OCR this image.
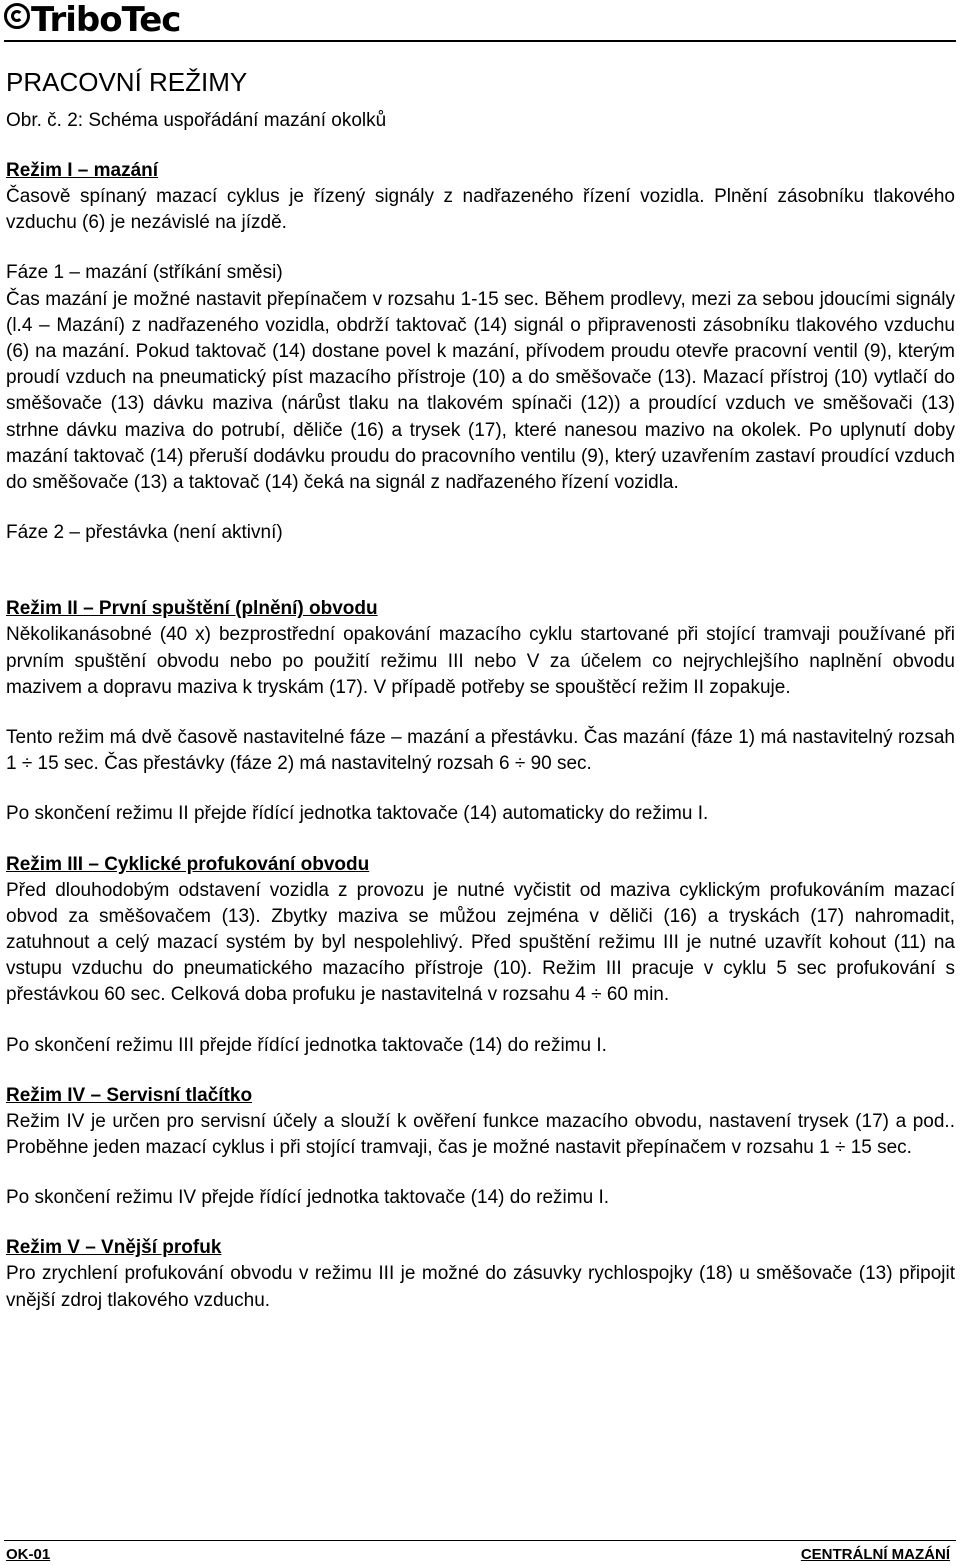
TriboTec
PRACOVNÍ REŽIMY
Obr. č. 2: Schéma uspořádání mazání okolků
Režim I – mazání

Časově spínaný mazací cyklus je řízený signály z nadřazeného řízení vozidla. Plnění zásobníku tlakového vzduchu (6) je nezávislé na jízdě.

Fáze 1 – mazání (stříkání směsi)

Čas mazání je možné nastavit přepínačem v rozsahu 1-15 sec. Během prodlevy, mezi za sebou jdoucími signály (l.4 – Mazání) z nadřazeného vozidla, obdrží taktovač (14) signál o připravenosti zásobníku tlakového vzduchu (6) na mazání. Pokud taktovač (14) dostane povel k mazání, přívodem proudu otevře pracovní ventil (9), kterým proudí vzduch na pneumatický píst mazacího přístroje (10) a do směšovače (13). Mazací přístroj (10) vytlačí do směšovače (13) dávku maziva (nárůst tlaku na tlakovém spínači (12)) a proudící vzduch ve směšovači (13) strhne dávku maziva do potrubí, děliče (16) a trysek (17), které nanesou mazivo na okolek. Po uplynutí doby mazání taktovač (14) přeruší dodávku proudu do pracovního ventilu (9), který uzavřením zastaví proudící vzduch do směšovače (13) a taktovač (14) čeká na signál z nadřazeného řízení vozidla.

Fáze 2 – přestávka (není aktivní)
Režim II – První spuštění (plnění) obvodu

Několikanásobné (40 x) bezprostřední opakování mazacího cyklu startované při stojící tramvaji používané při prvním spuštění obvodu nebo po použití režimu III nebo V za účelem co nejrychlejšího naplnění obvodu mazivem a dopravu maziva k tryskám (17). V případě potřeby se spouštěcí režim II zopakuje.

Tento režim má dvě časově nastavitelné fáze – mazání a přestávku. Čas mazání (fáze 1) má nastavitelný rozsah 1 ÷ 15 sec. Čas přestávky (fáze 2) má nastavitelný rozsah 6 ÷ 90 sec.

Po skončení režimu II přejde řídící jednotka taktovače (14) automaticky do režimu I.

Režim III – Cyklické profukování obvodu

Před dlouhodobým odstavení vozidla z provozu je nutné vyčistit od maziva cyklickým profukováním mazací obvod za směšovačem (13). Zbytky maziva se můžou zejména v děliči (16) a tryskách (17) nahromadit, zatuhnout a celý mazací systém by byl nespolehlivý. Před spuštění režimu III je nutné uzavřít kohout (11) na vstupu vzduchu do pneumatického mazacího přístroje (10). Režim III pracuje v cyklu 5 sec profukování s přestávkou 60 sec. Celková doba profuku je nastavitelná v rozsahu 4 ÷ 60 min.

Po skončení režimu III přejde řídící jednotka taktovače (14) do režimu I.

Režim IV – Servisní tlačítko

Režim IV je určen pro servisní účely a slouží k ověření funkce mazacího obvodu, nastavení trysek (17) a pod.. Proběhne jeden mazací cyklus i při stojící tramvaji, čas je možné nastavit přepínačem v rozsahu 1 ÷ 15 sec.

Po skončení režimu IV přejde řídící jednotka taktovače (14) do režimu I.

Režim V – Vnější profuk

Pro zrychlení profukování obvodu v režimu III je možné do zásuvky rychlospojky (18) u směšovače (13) připojit vnější zdroj tlakového vzduchu.

OK-01	CENTRÁLNÍ MAZÁNÍ
